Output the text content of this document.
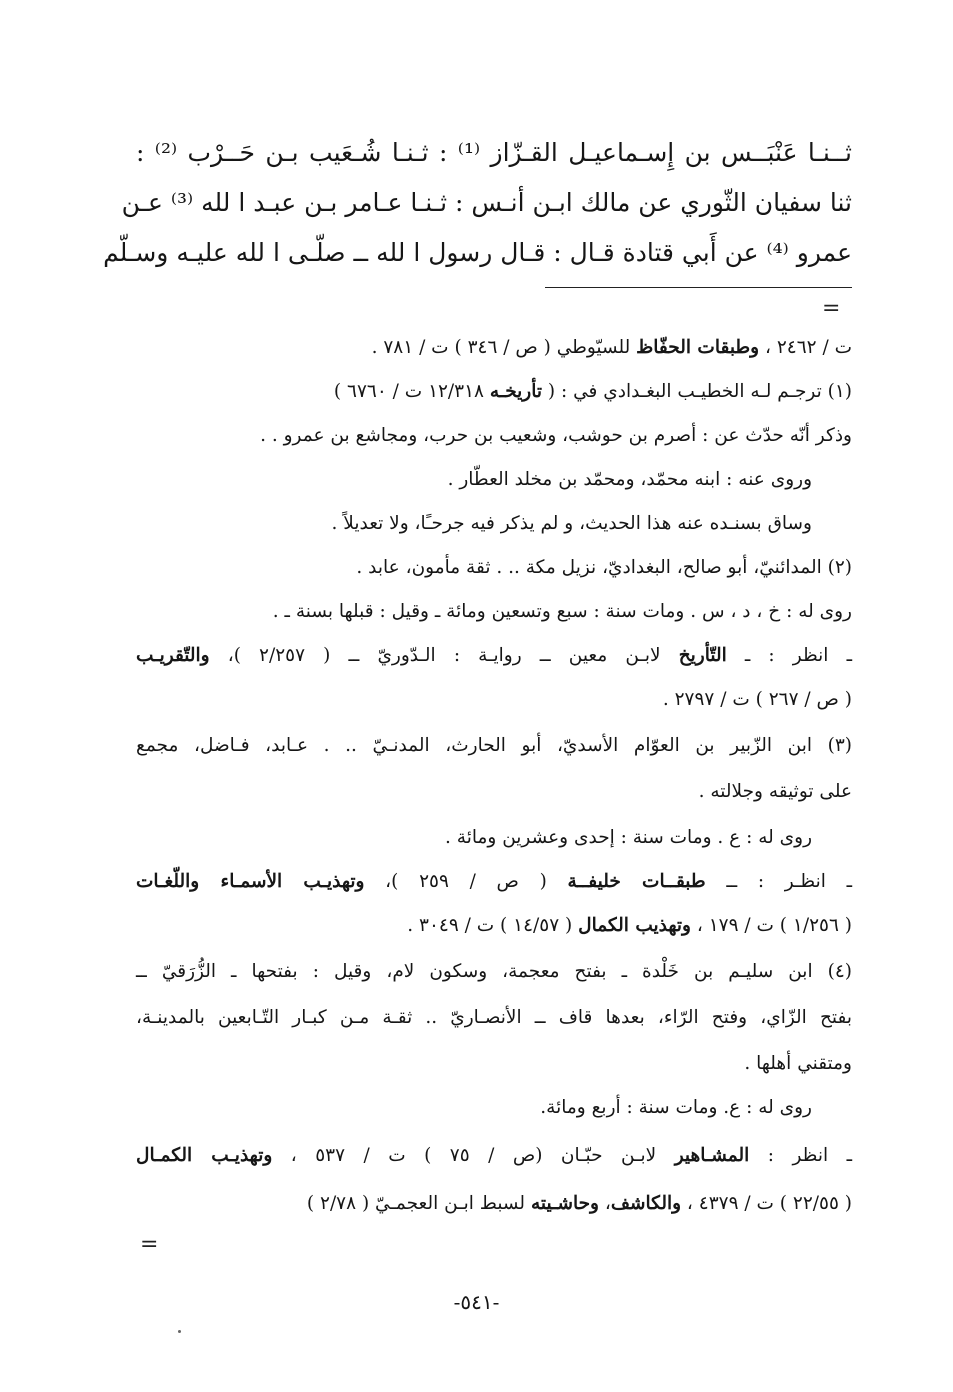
ثــنـا عَنْبَــس بن إِسـماعيـل القـزّاز ⁽¹⁾ : ثـنـا شُـعَيب بـن حَــرْب ⁽²⁾ :
ثنا سفيان الثّوري عن مالك ابـن أنـس : ثـنـا عـامر بـن عبـد ا لله ⁽³⁾ عـن
عمرو ⁽⁴⁾ عن أَبي قتادة قـال : قـال رسول ا لله ــ صلّـى ا لله عليـه وسـلّم
=
ت / ٢٤٦٢ ، وطبقات الحفّاظ للسيّوطي ( ص / ٣٤٦ ) ت / ٧٨١ .
(١) ترجـم لـه الخطيـب البغـدادي في : ( تأريخـه ١٢/٣١٨ ت / ٦٧٦٠ )
وذكر أنّه حدّث عن : أصرم بن حوشب، وشعيب بن حرب، ومجاشع بن عمرو . .
وروى عنه : ابنه محمّد، ومحمّد بن مخلد العطّار .
وساق بسنـده عنه هذا الحديث، و لم يذكر فيه جرحـًا، ولا تعديلاً .
(٢) المدائنيّ، أبو صالح، البغداديّ، نزيل مكة .. . ثقة مأمون، عابد .
روى له : خ ، د ، س . ومات سنة : سبع وتسعين ومائة ـ وقيل : قبلها بسنة ـ .
ـ انظر : ـ التّأريخ لابـن معين ــ روايـة : الـدّوريّ ــ ( ٢/٢٥٧ )، والتّقريـب
( ص / ٢٦٧ ) ت / ٢٧٩٧ .
(٣) ابن الزّبير بن العوّام الأسديّ، أبو الحارث، المدنـيّ .. . عـابد، فـاضل، مجمع
على توثيقه وجلالته .
روى له : ع . ومات سنة : إحدى وعشرين ومائة .
ـ انظـر : ــ طبقــات خليفــة ( ص / ٢٥٩ )، وتهذيـب الأسمـاء واللّغـات
( ١/٢٥٦ ) ت / ١٧٩ ، وتهذيب الكمال ( ١٤/٥٧ ) ت / ٣٠٤٩ .
(٤) ابن سليـم بن خَلْدة ـ بفتح معجمة، وسكون لام، وقيل : بفتحها ـ الزُّرَقيّ ــ
بفتح الزّاي، وفتح الرّاء، بعدها قاف ــ الأنصـاريّ .. ثقـة مـن كبـار التّـابعين بالمدينـة،
ومتقني أهلها .
روى له : ع. ومات سنة : أربع ومائة.
ـ انظر : المشـاهير لابـن حبّـان (ص / ٧٥ ) ت / ٥٣٧ ، وتهذيـب الكمـال
( ٢٢/٥٥ ) ت / ٤٣٧٩ ، والكاشف، وحاشـيته لسبط ابـن العجمـيّ ( ٢/٧٨ )
=
-٥٤١-
